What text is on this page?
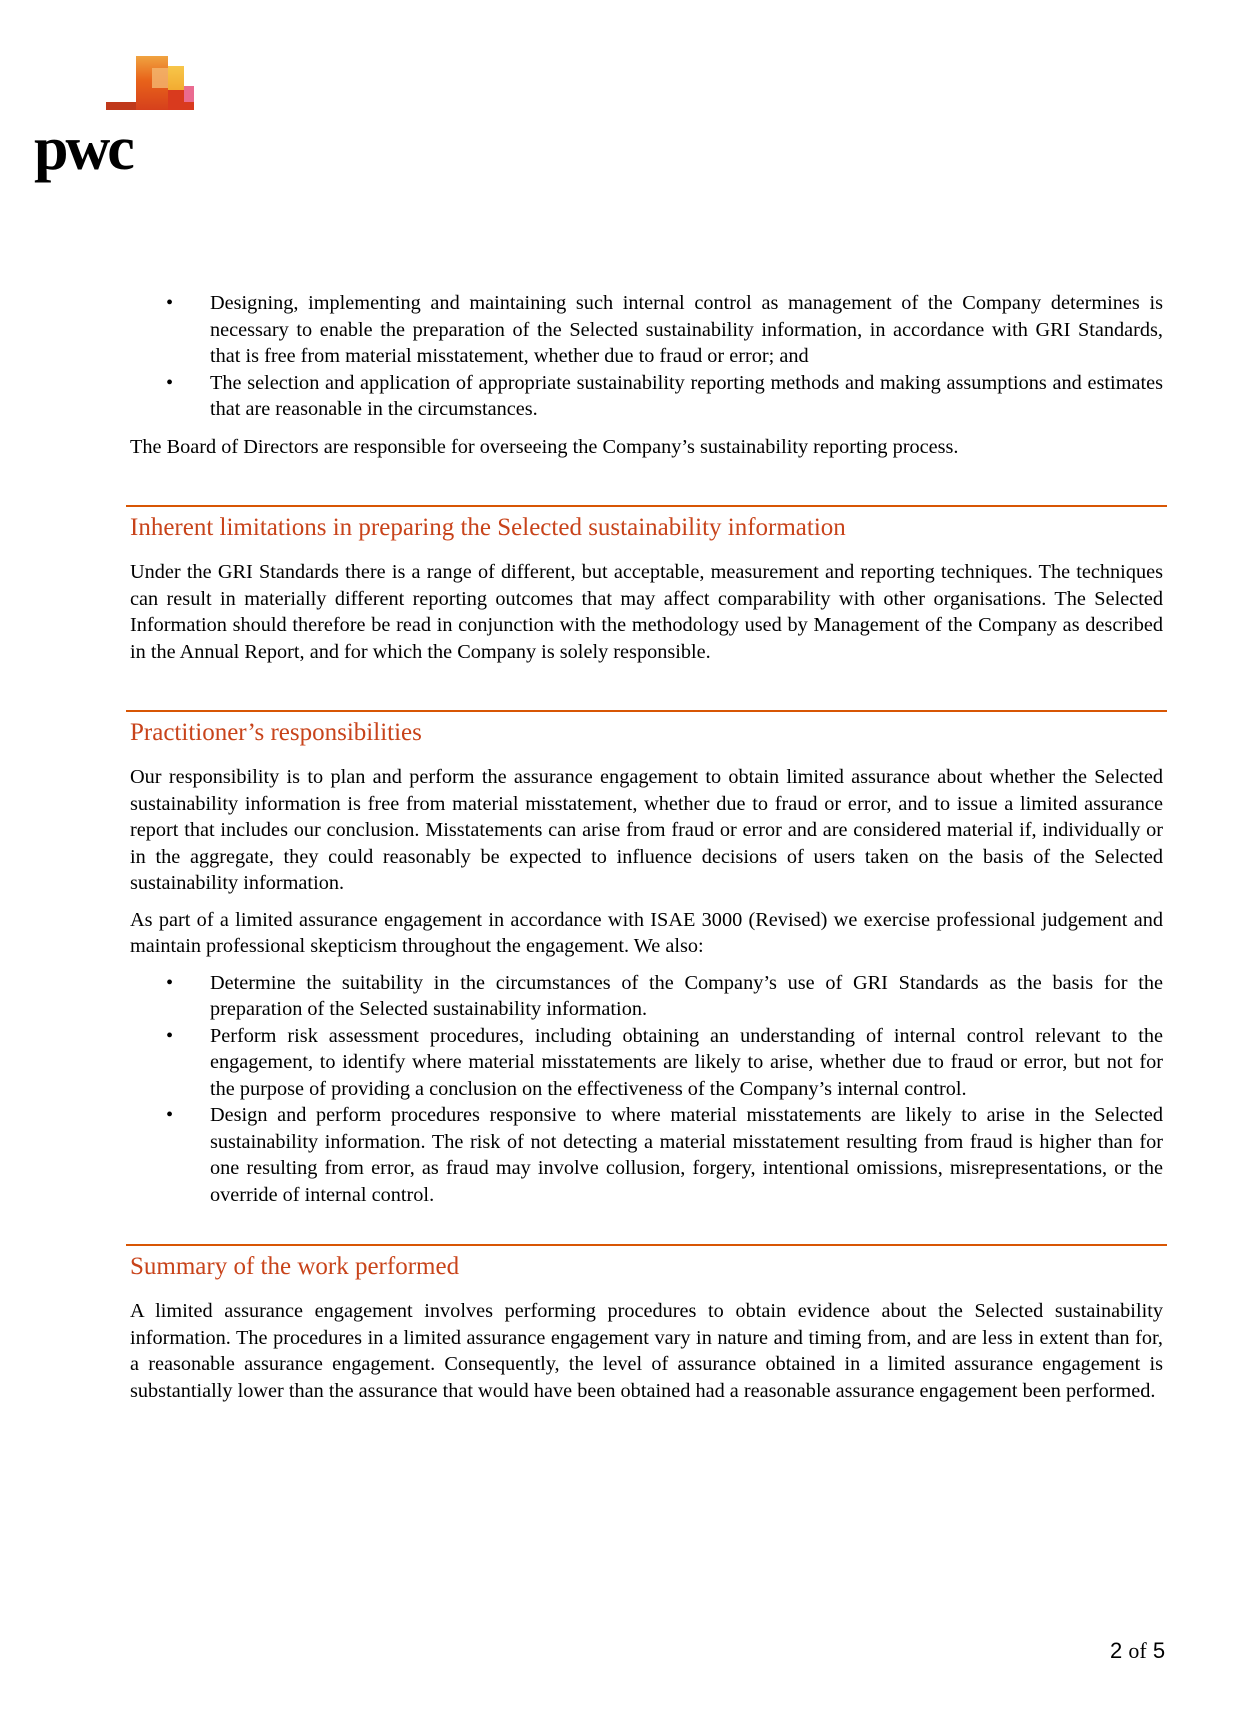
pwc
• Designing, implementing and maintaining such internal control as management of the Company determines is necessary to enable the preparation of the Selected sustainability information, in accordance with GRI Standards, that is free from material misstatement, whether due to fraud or error; and
• The selection and application of appropriate sustainability reporting methods and making assumptions and estimates that are reasonable in the circumstances.

The Board of Directors are responsible for overseeing the Company’s sustainability reporting process.

Inherent limitations in preparing the Selected sustainability information

Under the GRI Standards there is a range of different, but acceptable, measurement and reporting techniques. The techniques can result in materially different reporting outcomes that may affect comparability with other organisations. The Selected Information should therefore be read in conjunction with the methodology used by Management of the Company as described in the Annual Report, and for which the Company is solely responsible.

Practitioner’s responsibilities

Our responsibility is to plan and perform the assurance engagement to obtain limited assurance about whether the Selected sustainability information is free from material misstatement, whether due to fraud or error, and to issue a limited assurance report that includes our conclusion. Misstatements can arise from fraud or error and are considered material if, individually or in the aggregate, they could reasonably be expected to influence decisions of users taken on the basis of the Selected sustainability information.

As part of a limited assurance engagement in accordance with ISAE 3000 (Revised) we exercise professional judgement and maintain professional skepticism throughout the engagement. We also:

• Determine the suitability in the circumstances of the Company’s use of GRI Standards as the basis for the preparation of the Selected sustainability information.
• Perform risk assessment procedures, including obtaining an understanding of internal control relevant to the engagement, to identify where material misstatements are likely to arise, whether due to fraud or error, but not for the purpose of providing a conclusion on the effectiveness of the Company’s internal control.
• Design and perform procedures responsive to where material misstatements are likely to arise in the Selected sustainability information. The risk of not detecting a material misstatement resulting from fraud is higher than for one resulting from error, as fraud may involve collusion, forgery, intentional omissions, misrepresentations, or the override of internal control.
Summary of the work performed

A limited assurance engagement involves performing procedures to obtain evidence about the Selected sustainability information. The procedures in a limited assurance engagement vary in nature and timing from, and are less in extent than for, a reasonable assurance engagement. Consequently, the level of assurance obtained in a limited assurance engagement is substantially lower than the assurance that would have been obtained had a reasonable assurance engagement been performed.

2 of 5
